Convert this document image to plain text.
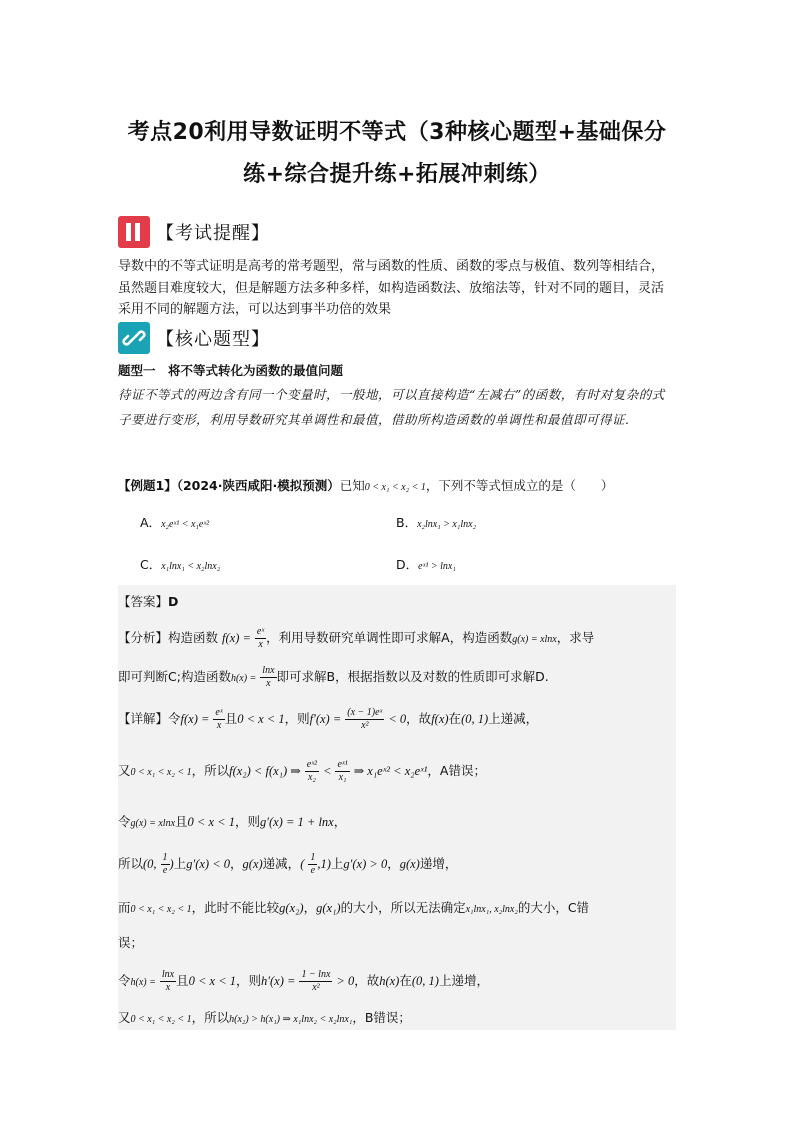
考点20利用导数证明不等式（3种核心题型+基础保分练+综合提升练+拓展冲刺练）
【考试提醒】
导数中的不等式证明是高考的常考题型，常与函数的性质、函数的零点与极值、数列等相结合，虽然题目难度较大，但是解题方法多种多样，如构造函数法、放缩法等，针对不同的题目，灵活采用不同的解题方法，可以达到事半功倍的效果
【核心题型】
题型一　将不等式转化为函数的最值问题
待证不等式的两边含有同一个变量时，一般地，可以直接构造“左减右”的函数，有时对复杂的式子要进行变形，利用导数研究其单调性和最值，借助所构造函数的单调性和最值即可得证.
【例题1】（2024·陕西咸阳·模拟预测）已知0 < x₁ < x₂ < 1，下列不等式恒成立的是（　　）
A．x₂eˣ¹ < x₁eˣ²	B．x₂lnx₁ > x₁lnx₂
C．x₁lnx₁ < x₂lnx₂	D．eˣ¹ > lnx₁
【答案】D
【分析】构造函数 $f(x) = \frac{\text{eˣ}}{x}$ ，利用导数研究单调性即可求解A，构造函数g(x) = xlnx，求导
即可判断C;构造函数$h(x) = \frac{\ln x}{x}$ 即可求解B，根据指数以及对数的性质即可求解D.
【详解】令$f(x) = \frac{\text{eˣ}}{x}$ 且0 < x < 1，则$f'(x) = \frac{\text{(x − 1)eˣ}}{\text{x²}} < 0$，故f(x)在(0, 1)上递减，
又0 < x₁ < x₂ < 1，所以f(x₂) < f(x₁) ⇒ $\frac{\text{eˣ²}}{\text{x₂}} < \frac{\text{eˣ¹}}{\text{x₁}}$ ⇒ x₁eˣ² < x₂eˣ¹，A错误；
令g(x) = xlnx且0 < x < 1，则g′(x) = 1 + lnx，
所以(0, $\frac{1}{e}$ )上g′(x) < 0，g(x)递减，( $\frac{1}{e} ,1$)上g′(x) > 0，g(x)递增，
而0 < x₁ < x₂ < 1，此时不能比较g(x₂)，g(x₁)的大小，所以无法确定x₁lnx₁, x₂lnx₂的大小，C错
误；
令$h(x) = \frac{\ln x}{x}$ 且0 < x < 1，则$h'(x) = \frac{1 - \ln x}{\text{x²}} > 0$，故h(x)在(0, 1)上递增，
又0 < x₁ < x₂ < 1，所以h(x₂) > h(x₁) ⇒ x₁lnx₂ < x₂lnx₁，B错误；
